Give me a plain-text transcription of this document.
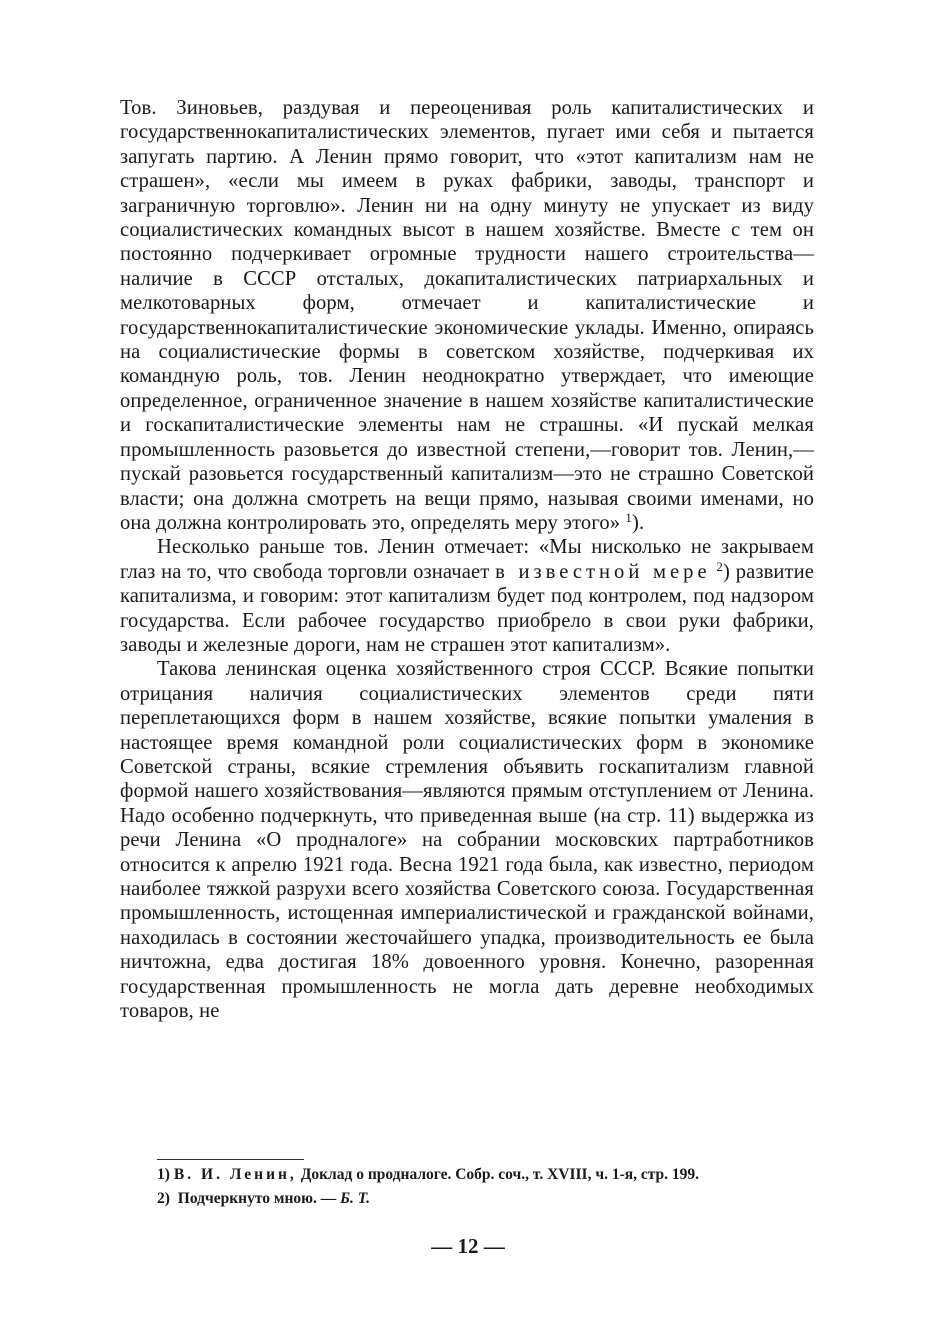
Тов. Зиновьев, раздувая и переоценивая роль капиталистических и государственнокапиталистических элементов, пугает ими себя и пытается запугать партию. А Ленин прямо говорит, что «этот капитализм нам не страшен», «если мы имеем в руках фабрики, заводы, транспорт и заграничную торговлю». Ленин ни на одну минуту не упускает из виду социалистических командных высот в нашем хозяйстве. Вместе с тем он постоянно подчеркивает огромные трудности нашего строительства—наличие в СССР отсталых, докапиталистических патриархальных и мелкотоварных форм, отмечает и капиталистические и государственнокапиталистические экономические уклады. Именно, опираясь на социалистические формы в советском хозяйстве, подчеркивая их командную роль, тов. Ленин неоднократно утверждает, что имеющие определенное, ограниченное значение в нашем хозяйстве капиталистические и госкапиталистические элементы нам не страшны. «И пускай мелкая промышленность разовьется до известной степени,—говорит тов. Ленин,—пускай разовьется государственный капитализм—это не страшно Советской власти; она должна смотреть на вещи прямо, называя своими именами, но она должна контролировать это, определять меру этого» $^1$).

Несколько раньше тов. Ленин отмечает: «Мы нисколько не закрываем глаз на то, что свобода торговли означает в известной мере $^2$) развитие капитализма, и говорим: этот капитализм будет под контролем, под надзором государства. Если рабочее государство приобрело в свои руки фабрики, заводы и железные дороги, нам не страшен этот капитализм».

Такова ленинская оценка хозяйственного строя СССР. Всякие попытки отрицания наличия социалистических элементов среди пяти переплетающихся форм в нашем хозяйстве, всякие попытки умаления в настоящее время командной роли социалистических форм в экономике Советской страны, всякие стремления объявить госкапитализм главной формой нашего хозяйствования—являются прямым отступлением от Ленина. Надо особенно подчеркнуть, что приведенная выше (на стр. 11) выдержка из речи Ленина «О продналоге» на собрании московских партработников относится к апрелю 1921 года. Весна 1921 года была, как известно, периодом наиболее тяжкой разрухи всего хозяйства Советского союза. Государственная промышленность, истощенная империалистической и гражданской войнами, находилась в состоянии жесточайшего упадка, производительность ее была ничтожна, едва достигая 18% довоенного уровня. Конечно, разоренная государственная промышленность не могла дать деревне необходимых товаров, не

1) В. И. Ленин, Доклад о продналоге. Собр. соч., т. XVIII, ч. 1-я, стр. 199.

2) Подчеркнуто мною. — Б. Т.

— 12 —
